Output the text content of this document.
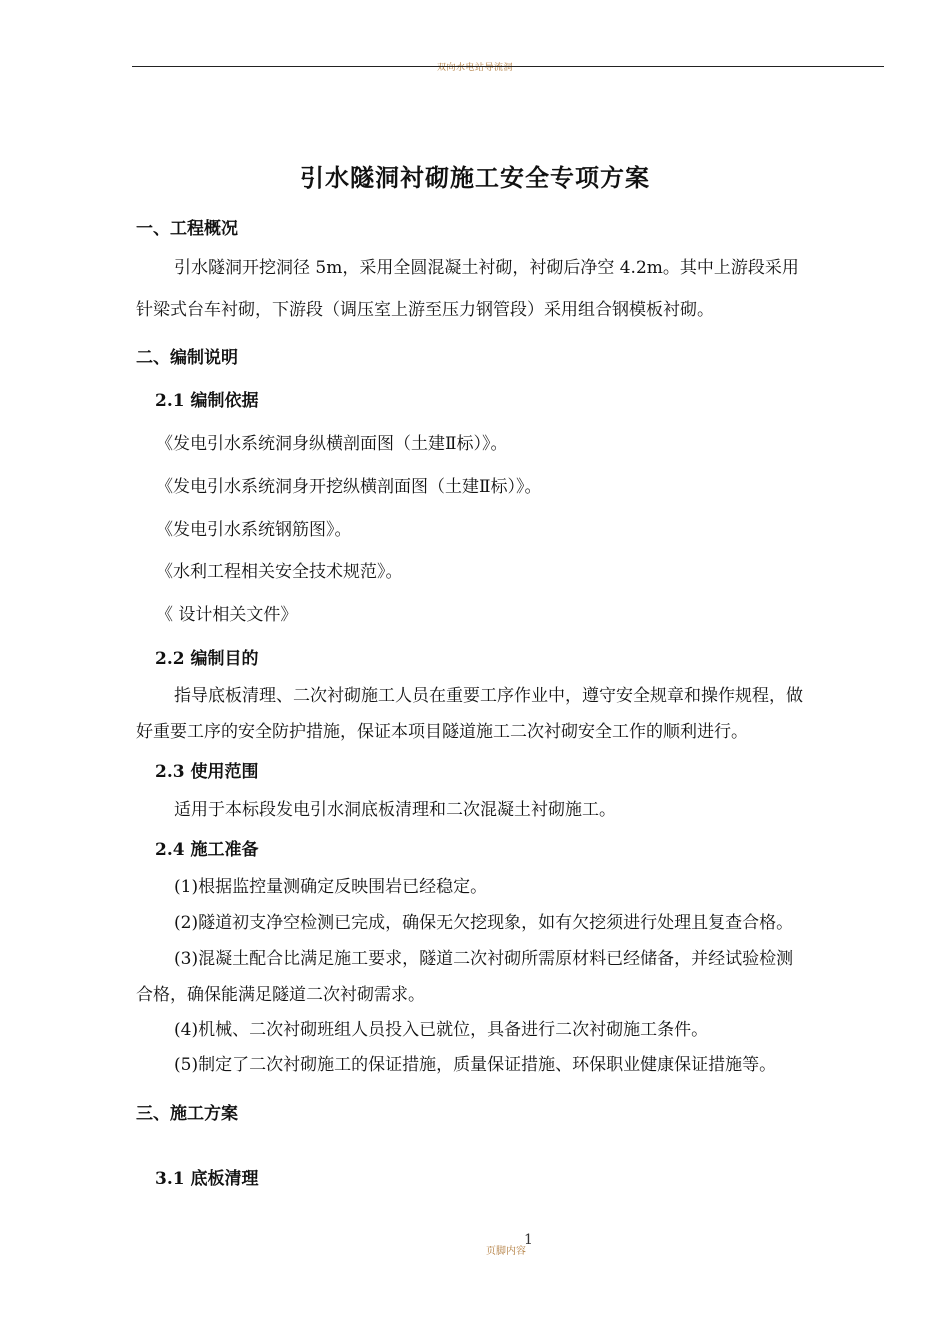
双向水电站导流洞
引水隧洞衬砌施工安全专项方案
一、工程概况
引水隧洞开挖洞径 5m，采用全圆混凝土衬砌，衬砌后净空 4.2m。其中上游段采用
针梁式台车衬砌，下游段（调压室上游至压力钢管段）采用组合钢模板衬砌。
二、编制说明
2.1 编制依据
《发电引水系统洞身纵横剖面图（土建Ⅱ标）》。
《发电引水系统洞身开挖纵横剖面图（土建Ⅱ标）》。
《发电引水系统钢筋图》。
《水利工程相关安全技术规范》。
《 设计相关文件》
2.2 编制目的
指导底板清理、二次衬砌施工人员在重要工序作业中，遵守安全规章和操作规程，做
好重要工序的安全防护措施，保证本项目隧道施工二次衬砌安全工作的顺利进行。
2.3 使用范围
适用于本标段发电引水洞底板清理和二次混凝土衬砌施工。
2.4 施工准备
(1)根据监控量测确定反映围岩已经稳定。
(2)隧道初支净空检测已完成，确保无欠挖现象，如有欠挖须进行处理且复查合格。
(3)混凝土配合比满足施工要求，隧道二次衬砌所需原材料已经储备，并经试验检测
合格，确保能满足隧道二次衬砌需求。
(4)机械、二次衬砌班组人员投入已就位，具备进行二次衬砌施工条件。
(5)制定了二次衬砌施工的保证措施，质量保证措施、环保职业健康保证措施等。
三、施工方案
3.1 底板清理
页脚内容
1
